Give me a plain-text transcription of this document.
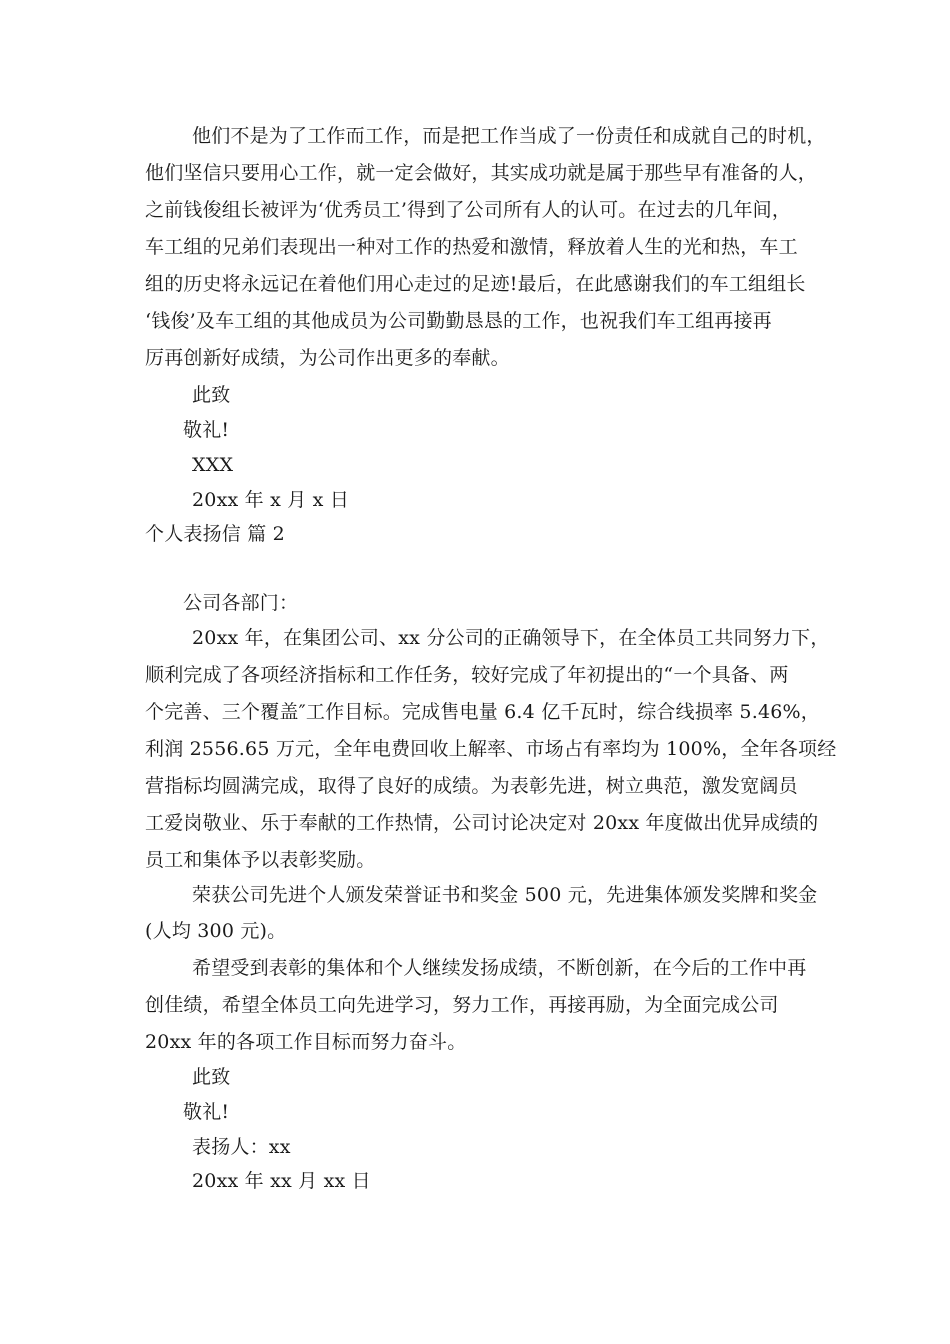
他们不是为了工作而工作，而是把工作当成了一份责任和成就自己的时机，
他们坚信只要用心工作，就一定会做好，其实成功就是属于那些早有准备的人，
之前钱俊组长被评为‘优秀员工’得到了公司所有人的认可。在过去的几年间，
车工组的兄弟们表现出一种对工作的热爱和激情，释放着人生的光和热，车工
组的历史将永远记在着他们用心走过的足迹!最后，在此感谢我们的车工组组长
‘钱俊’及车工组的其他成员为公司勤勤恳恳的工作，也祝我们车工组再接再
厉再创新好成绩，为公司作出更多的奉献。
此致
敬礼!
XXX
20xx 年 x 月 x 日
个人表扬信 篇 2
公司各部门：
20xx 年，在集团公司、xx 分公司的正确领导下，在全体员工共同努力下，
顺利完成了各项经济指标和工作任务，较好完成了年初提出的“一个具备、两
个完善、三个覆盖″工作目标。完成售电量 6.4 亿千瓦时，综合线损率 5.46%，
利润 2556.65 万元，全年电费回收上解率、市场占有率均为 100%，全年各项经
营指标均圆满完成，取得了良好的成绩。为表彰先进，树立典范，激发宽阔员
工爱岗敬业、乐于奉献的工作热情，公司讨论决定对 20xx 年度做出优异成绩的
员工和集体予以表彰奖励。
荣获公司先进个人颁发荣誉证书和奖金 500 元，先进集体颁发奖牌和奖金
(人均 300 元)。
希望受到表彰的集体和个人继续发扬成绩，不断创新，在今后的工作中再
创佳绩，希望全体员工向先进学习，努力工作，再接再励，为全面完成公司
20xx 年的各项工作目标而努力奋斗。
此致
敬礼!
表扬人：xx
20xx 年 xx 月 xx 日
